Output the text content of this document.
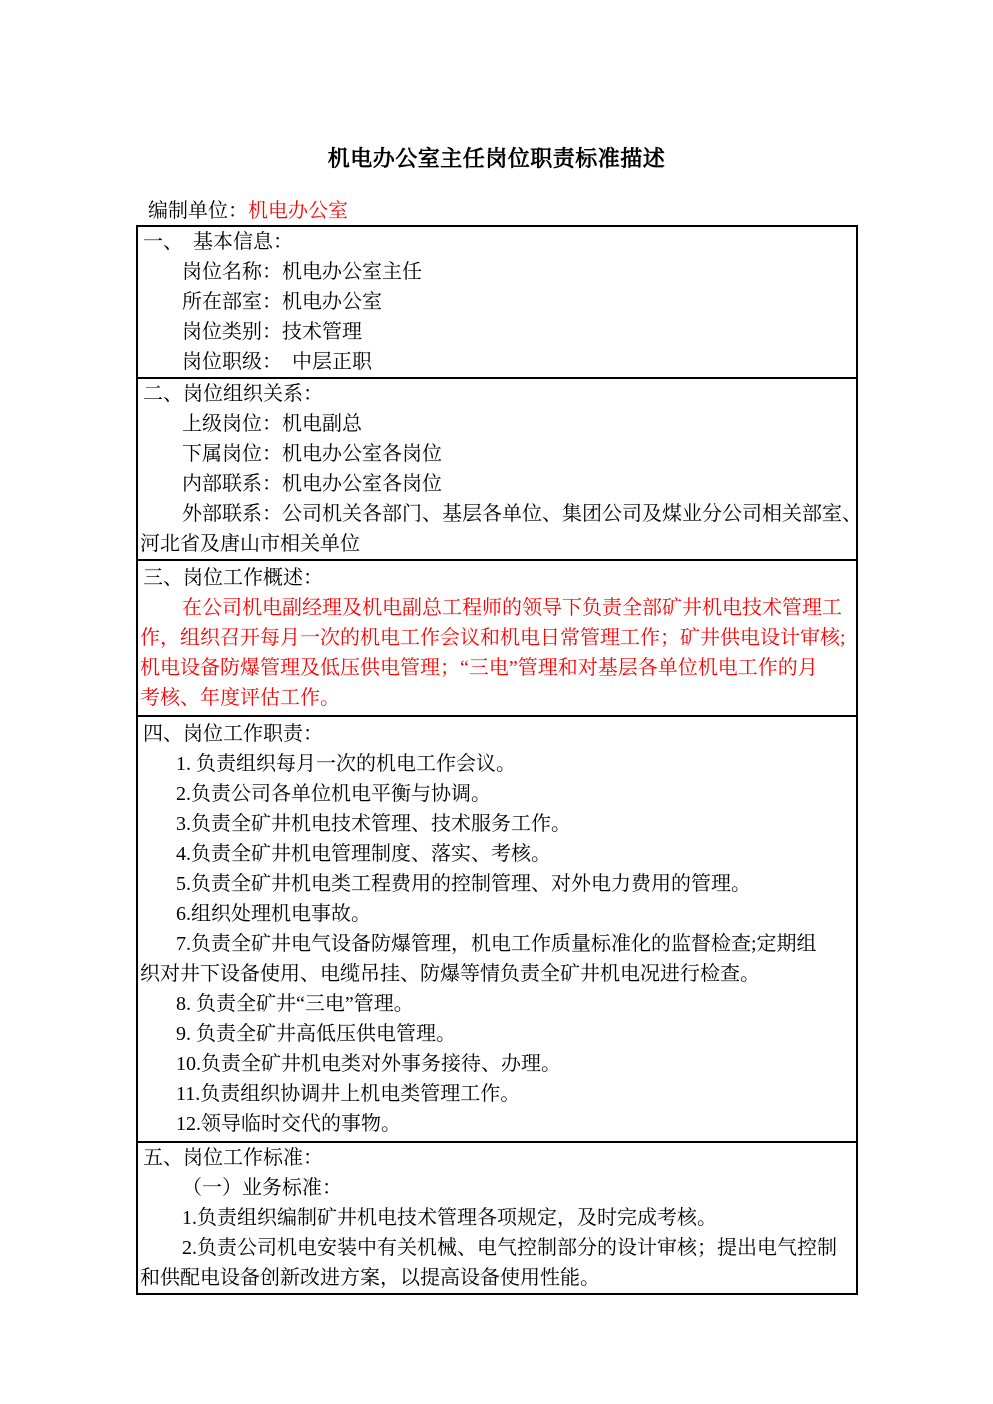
机电办公室主任岗位职责标准描述
编制单位：机电办公室
一、　基本信息：
岗位名称：机电办公室主任
所在部室：机电办公室
岗位类别：技术管理
岗位职级：　中层正职
二、岗位组织关系：
上级岗位：机电副总
下属岗位：机电办公室各岗位
内部联系：机电办公室各岗位
外部联系：公司机关各部门、基层各单位、集团公司及煤业分公司相关部室、
河北省及唐山市相关单位
三、岗位工作概述：
在公司机电副经理及机电副总工程师的领导下负责全部矿井机电技术管理工
作，组织召开每月一次的机电工作会议和机电日常管理工作；矿井供电设计审核;
机电设备防爆管理及低压供电管理；“三电”管理和对基层各单位机电工作的月
考核、年度评估工作。
四、岗位工作职责：
1. 负责组织每月一次的机电工作会议。
2.负责公司各单位机电平衡与协调。
3.负责全矿井机电技术管理、技术服务工作。
4.负责全矿井机电管理制度、落实、考核。
5.负责全矿井机电类工程费用的控制管理、对外电力费用的管理。
6.组织处理机电事故。
7.负责全矿井电气设备防爆管理，机电工作质量标准化的监督检查;定期组
织对井下设备使用、电缆吊挂、防爆等情负责全矿井机电况进行检查。
8. 负责全矿井“三电”管理。
9. 负责全矿井高低压供电管理。
10.负责全矿井机电类对外事务接待、办理。
11.负责组织协调井上机电类管理工作。
12.领导临时交代的事物。
五、岗位工作标准：
（一）业务标准：
1.负责组织编制矿井机电技术管理各项规定，及时完成考核。
2.负责公司机电安装中有关机械、电气控制部分的设计审核；提出电气控制
和供配电设备创新改进方案，以提高设备使用性能。
